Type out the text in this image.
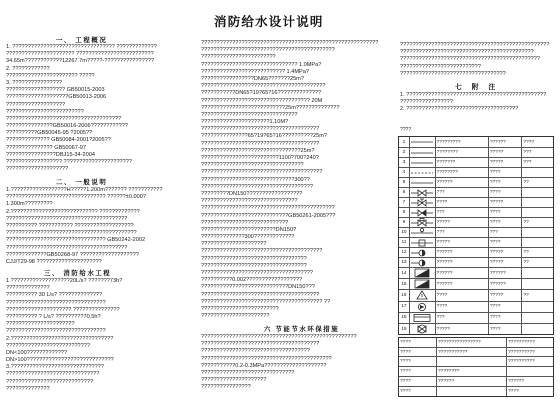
消防给水设计说明
一、 工程概况
1. ????????????????????????????????? ?????????????
?????????????????????? ?????????????????????????
34.65m????????????12267.7m?????-????????????????
2. ????????????
??????????????????????? ?????
3. ????????????????
??????????????????? GB50015-2003
????????????????????GB50013-2006
???????????????????
?????????????????????????
?????????????????????????????????????
???????????????GB50016-2006????????????
??????????GB50045-95 ?2005??
?????????????? GB50084-2001?2005??
??????????????? GB50067-97
????????????????DBJ15-34-2004
?????????????????? ??????????????????????
????????????????????
二、 一般说明
1.??????????????????H?????1.200m??????? ???????????
???????????????????????????????? ??????±0.000?
1.300m?????????
2.???????????????????????????? ?????????????
???????????????????????????????????????
?????????? ??????????? ???????????????????
??????????????????????????????????????????
???????????????????????????????? GB50242-2002
???????????????????????????????????????
?????????????GB50268-97 ???????????????????
CJJ/T29-98 ?????????????????????
三、 消防给水工程
1.???????????????????20L/s? ???????73h?
??????????????
?????????? 30 L/s? ??????????????
????????????????????????????????
????????????????????? ???????????????
?????????? ? L/s? ?????????70.5h?
??????????????????????
????????????????????????????????
2.?????????????????????????????????
???????????????????????????
DN<100?????????????
DN>100????????????????????????????
3.??????????????????????????????
??????????????????????????????
????????????????????????????
??????????????
?????????????????????????????????????????????????????????
???????????????????????????????????????????
????????????????????????
??????????????????????????????? 1.0MPa?
??????????????????????????? 1.4MPa?
?????????????????DN65???????25m?
????????????????????????????????????????
???????????DN65?19?65?16??????????????
??????????????????????????????????? 20M
???????????????????????????25m??????????????
???????????????????????????????
??????????????????????1.10M?
??????????????????????????????????????
???????????????65?19?65?16??????????25m?
??????????????????????????????????????
????????????????????????????????25m?
?????????????????????????1100?700?240?
?????????????????????????????????
???????????????????????????????????????
??????????????????????????????300??
????????????????????????????????????
?????????DN150??????????????????
???????????????????????????????
???????????????????????????????????????????
????????????????????????????GB50261-2005???
????????????????????????????
????????????????????????DN150?
??????????????300?????????????
?????????????????????
???????????????????????????????????????
??????????????????????????????????
??????????????????????????????????
????????????????????????????????????
??????????0.002??????????????????
????????????????????????????DN150???
??????????????????????????????????????
??????????????????????????????????????? ??
?????????????????????????
??????????????????????
六 节能节水环保措施
??????????????????????????????????????????????????
??????????????????????????????????????
???????????????????????????????????
??????????????????????????????????????????
???????????0.2-0.3MPa????????????????????
??????????????????????????????
?????????????????????
????????????????
????????????????????????????????????????????????
???????????????????????????????????????????
?????????????????????????????????????????????
??????????????????????????
??????????????????????????????????
七 附 注
1. ?????????????????????????????????????????????
?????????????????
2. ????????????????????????????????????
????
1	?????????	??????	????
2	????????	?????	???
3	???????	?????	???
4	????????	????
5	??????	????	??
6	???	????
7	????	?????
8	???	????
9	?????	????	??
10	???	???
11	?????	????
12	??????	?????	??
13	??????	?????	??
14	??????	??????
15	??????	??????
16	????	?????	??
17	????	????
18	???	????
19	?????	????
????	????????????????	??????????
????	???????????	??????????
????	??????????
????	????????
????	??????	??????
????	????
